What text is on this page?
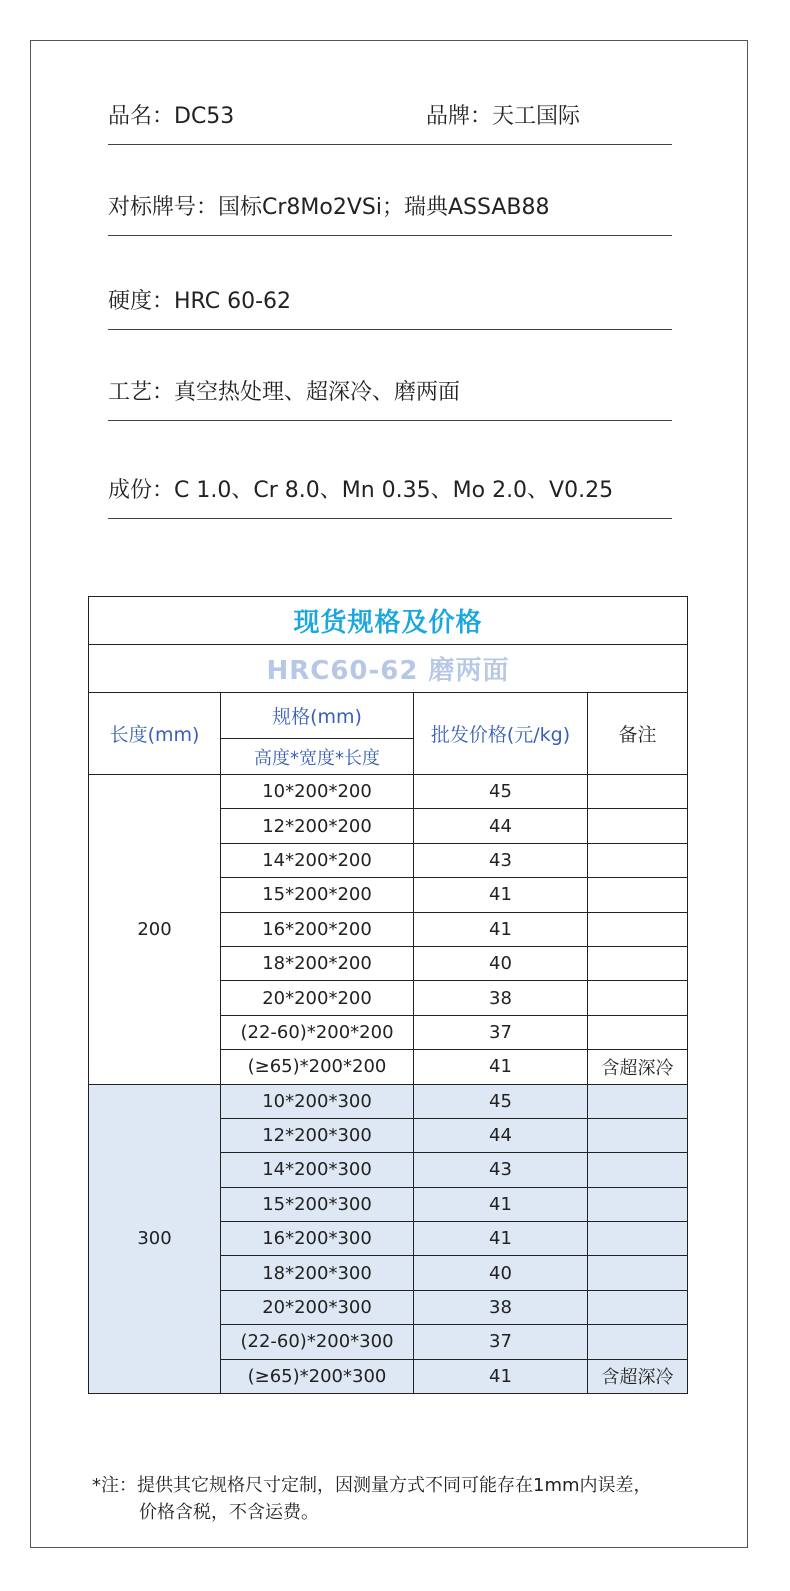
品名：DC53	品牌：天工国际
对标牌号：国标Cr8Mo2VSi；瑞典ASSAB88
硬度：HRC 60-62
工艺：真空热处理、超深冷、磨两面
成份：C 1.0、Cr 8.0、Mn 0.35、Mo 2.0、V0.25
现货规格及价格			
HRC60-62 磨两面			
长度(mm)	规格(mm)	批发价格(元/kg)	备注
	高度*宽度*长度		
200	10*200*200	45	
	12*200*200	44	
	14*200*200	43	
	15*200*200	41	
	16*200*200	41	
	18*200*200	40	
	20*200*200	38	
	(22-60)*200*200	37	
	(≥65)*200*200	41	含超深冷
300	10*200*300	45	
	12*200*300	44	
	14*200*300	43	
	15*200*300	41	
	16*200*300	41	
	18*200*300	40	
	20*200*300	38	
	(22-60)*200*300	37	
	(≥65)*200*300	41	含超深冷
*注：提供其它规格尺寸定制，因测量方式不同可能存在1mm内误差，
价格含税，不含运费。
